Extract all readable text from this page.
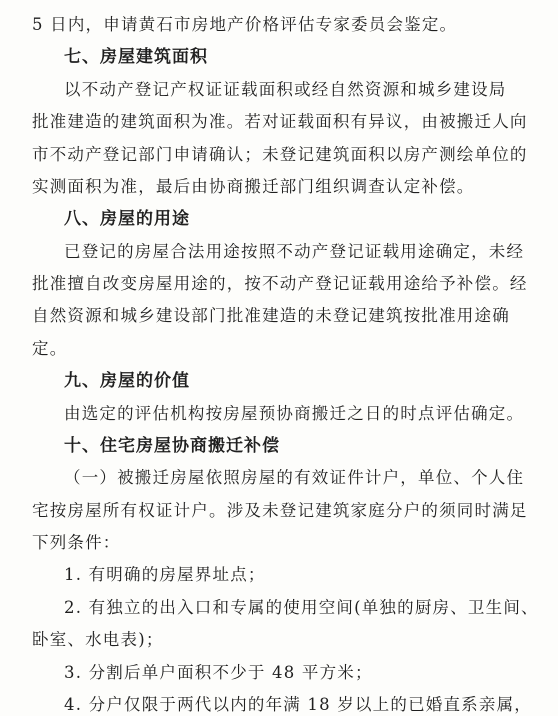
5 日内，申请黄石市房地产价格评估专家委员会鉴定。
七、房屋建筑面积
以不动产登记产权证证载面积或经自然资源和城乡建设局
批准建造的建筑面积为准。若对证载面积有异议，由被搬迁人向
市不动产登记部门申请确认；未登记建筑面积以房产测绘单位的
实测面积为准，最后由协商搬迁部门组织调查认定补偿。
八、房屋的用途
已登记的房屋合法用途按照不动产登记证载用途确定，未经
批准擅自改变房屋用途的，按不动产登记证载用途给予补偿。经
自然资源和城乡建设部门批准建造的未登记建筑按批准用途确
定。
九、房屋的价值
由选定的评估机构按房屋预协商搬迁之日的时点评估确定。
十、住宅房屋协商搬迁补偿
（一）被搬迁房屋依照房屋的有效证件计户，单位、个人住
宅按房屋所有权证计户。涉及未登记建筑家庭分户的须同时满足
下列条件：
1. 有明确的房屋界址点；
2. 有独立的出入口和专属的使用空间(单独的厨房、卫生间、
卧室、水电表)；
3. 分割后单户面积不少于 48 平方米；
4. 分户仅限于两代以内的年满 18 岁以上的已婚直系亲属，
